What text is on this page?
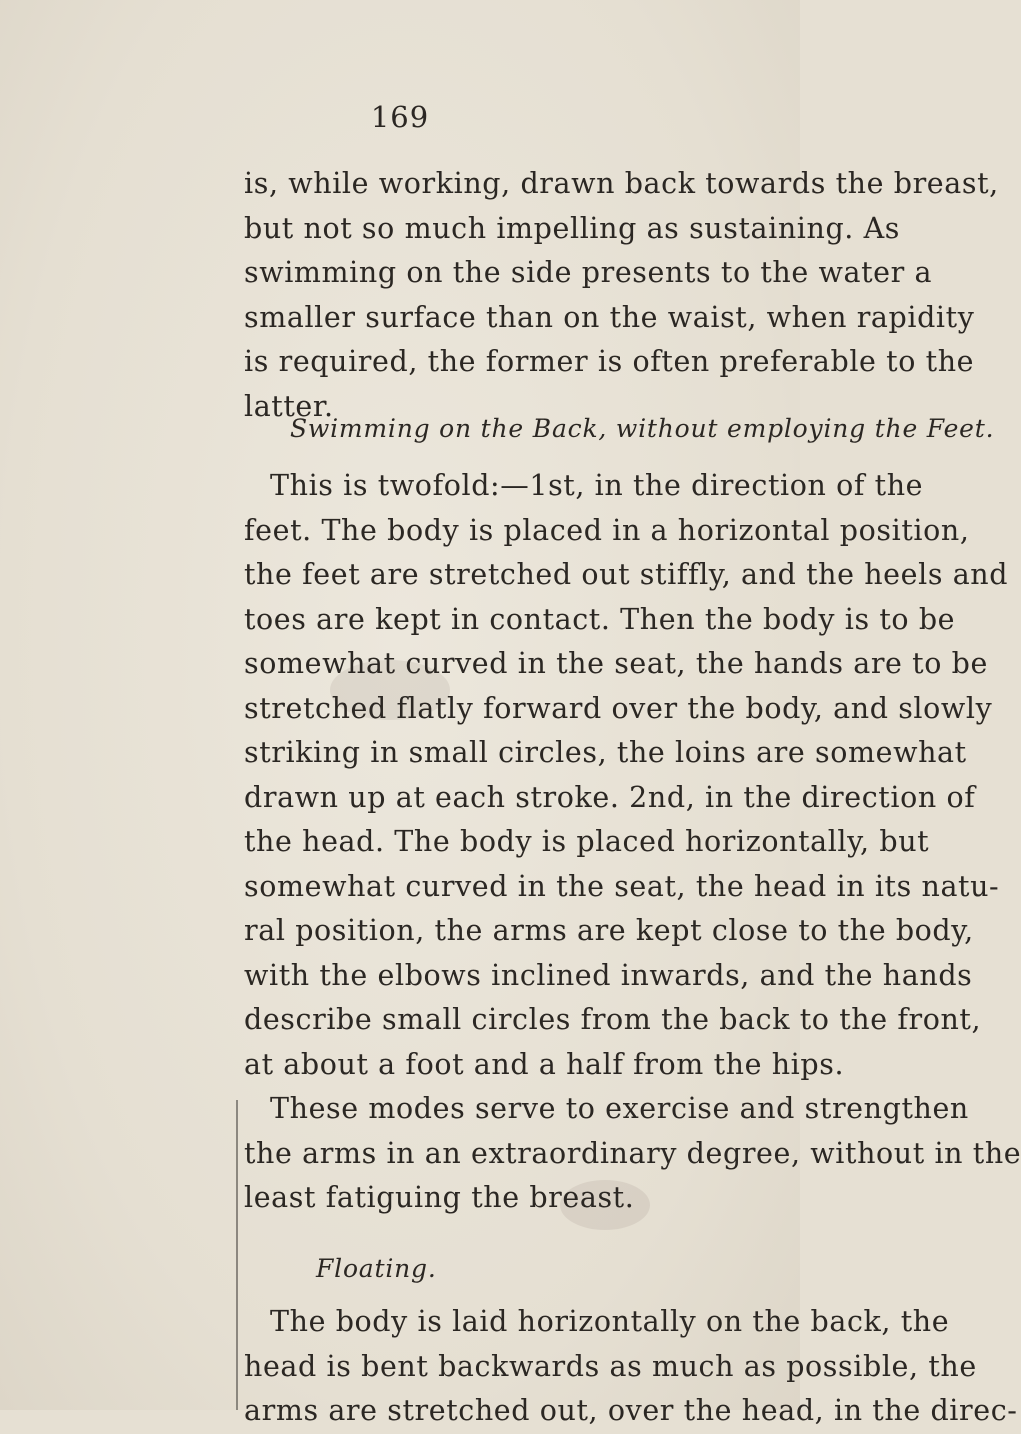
169
is, while working, drawn back towards the breast,
but not so much impelling as sustaining. As
swimming on the side presents to the water a
smaller surface than on the waist, when rapidity
is required, the former is often preferable to the
latter.
Swimming on the Back, without employing the Feet.
This is twofold:—1st, in the direction of the
feet. The body is placed in a horizontal position,
the feet are stretched out stiffly, and the heels and
toes are kept in contact. Then the body is to be
somewhat curved in the seat, the hands are to be
stretched flatly forward over the body, and slowly
striking in small circles, the loins are somewhat
drawn up at each stroke. 2nd, in the direction of
the head. The body is placed horizontally, but
somewhat curved in the seat, the head in its natu-
ral position, the arms are kept close to the body,
with the elbows inclined inwards, and the hands
describe small circles from the back to the front,
at about a foot and a half from the hips.
These modes serve to exercise and strengthen
the arms in an extraordinary degree, without in the
least fatiguing the breast.
Floating.
The body is laid horizontally on the back, the
head is bent backwards as much as possible, the
arms are stretched out, over the head, in the direc-
